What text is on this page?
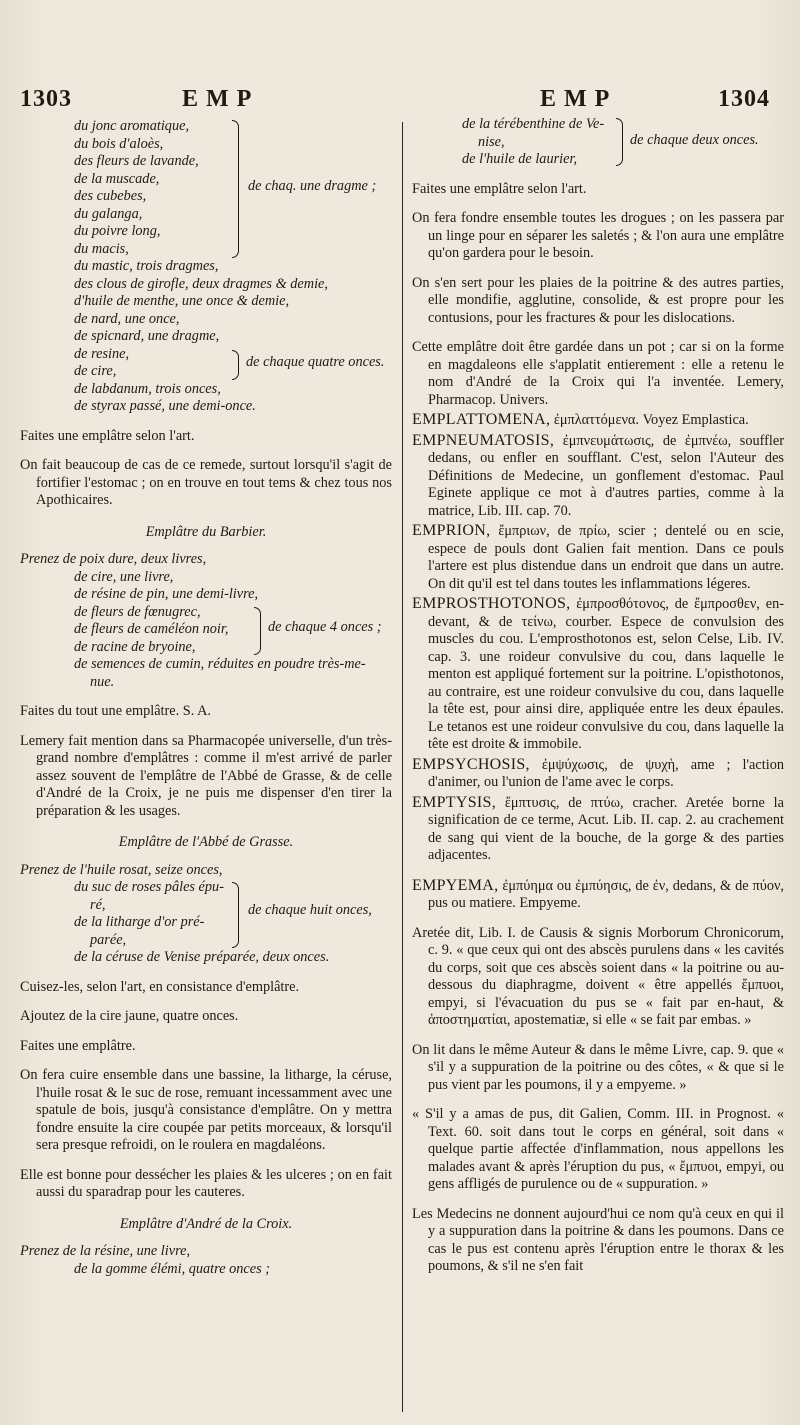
1303	E M P	E M P	1304
du jonc aromatique,
du bois d'aloès,
des fleurs de lavande,
de la muscade,
des cubebes,
du galanga,
du poivre long,
du macis,
de chaq. une dragme ;
du mastic, trois dragmes,
des clous de girofle, deux dragmes & demie,
d'huile de menthe, une once & demie,
de nard, une once,
de spicnard, une dragme,
de resine,
de cire,
de chaque quatre onces.
de labdanum, trois onces,
de styrax passé, une demi-once.

Faites une emplâtre selon l'art.

On fait beaucoup de cas de ce remede, surtout lorsqu'il s'agit de fortifier l'estomac ; on en trouve en tout tems & chez tous nos Apothicaires.

Emplâtre du Barbier.

Prenez de poix dure, deux livres,
de cire, une livre,
de résine de pin, une demi-livre,
de fleurs de fœnugrec,
de fleurs de caméléon noir,
de racine de bryoine,
de chaque 4 onces ;
de semences de cumin, réduites en poudre très-me-
nue.

Faites du tout une emplâtre. S. A.

Lemery fait mention dans sa Pharmacopée universelle, d'un très-grand nombre d'emplâtres : comme il m'est arrivé de parler assez souvent de l'emplâtre de l'Abbé de Grasse, & de celle d'André de la Croix, je ne puis me dispenser d'en tirer la préparation & les usages.

Emplâtre de l'Abbé de Grasse.

Prenez de l'huile rosat, seize onces,
du suc de roses pâles épu-
ré,
de la litharge d'or pré-
parée,
de chaque huit onces,
de la céruse de Venise préparée, deux onces.

Cuisez-les, selon l'art, en consistance d'emplâtre.

Ajoutez de la cire jaune, quatre onces.

Faites une emplâtre.

On fera cuire ensemble dans une bassine, la litharge, la céruse, l'huile rosat & le suc de rose, remuant incessamment avec une spatule de bois, jusqu'à consistance d'emplâtre. On y mettra fondre ensuite la cire coupée par petits morceaux, & lorsqu'il sera presque refroidi, on le roulera en magdaléons.

Elle est bonne pour dessécher les plaies & les ulceres ; on en fait aussi du sparadrap pour les cauteres.

Emplâtre d'André de la Croix.

Prenez de la résine, une livre,
de la gomme élémi, quatre onces ;
de la térébenthine de Ve-
nise,
de l'huile de laurier,
de chaque deux onces.

Faites une emplâtre selon l'art.

On fera fondre ensemble toutes les drogues ; on les passera par un linge pour en séparer les saletés ; & l'on aura une emplâtre qu'on gardera pour le besoin.

On s'en sert pour les plaies de la poitrine & des autres parties, elle mondifie, agglutine, consolide, & est propre pour les contusions, pour les fractures & pour les dislocations.

Cette emplâtre doit être gardée dans un pot ; car si on la forme en magdaleons elle s'applatit entierement : elle a retenu le nom d'André de la Croix qui l'a inventée. Lemery, Pharmacop. Univers.

EMPLATTOMENA, ἐμπλαττόμενα. Voyez Emplastica.

EMPNEUMATOSIS, ἐμπνευμάτωσις, de ἐμπνέω, souffler dedans, ou enfler en soufflant. C'est, selon l'Auteur des Définitions de Medecine, un gonflement d'estomac. Paul Eginete applique ce mot à d'autres parties, comme à la matrice, Lib. III. cap. 70.

EMPRION, ἔμπριων, de πρίω, scier ; dentelé ou en scie, espece de pouls dont Galien fait mention. Dans ce pouls l'artere est plus distendue dans un endroit que dans un autre. On dit qu'il est tel dans toutes les inflammations légeres.

EMPROSTHOTONOS, ἐμπροσθότονος, de ἔμπροσθεν, en-devant, & de τείνω, courber. Espece de convulsion des muscles du cou. L'emprosthotonos est, selon Celse, Lib. IV. cap. 3. une roideur convulsive du cou, dans laquelle le menton est appliqué fortement sur la poitrine. L'opisthotonos, au contraire, est une roideur convulsive du cou, dans laquelle la tête est, pour ainsi dire, appliquée entre les deux épaules. Le tetanos est une roideur convulsive du cou, dans laquelle la tête est droite & immobile.

EMPSYCHOSIS, ἐμψύχωσις, de ψυχὴ, ame ; l'action d'animer, ou l'union de l'ame avec le corps.

EMPTYSIS, ἔμπτυσις, de πτύω, cracher. Aretée borne la signification de ce terme, Acut. Lib. II. cap. 2. au crachement de sang qui vient de la bouche, de la gorge & des parties adjacentes.

EMPYEMA, ἐμπύημα ou ἐμπύησις, de ἐν, dedans, & de πύον, pus ou matiere. Empyeme.

Aretée dit, Lib. I. de Causis & signis Morborum Chronicorum, c. 9. « que ceux qui ont des abscès purulens dans « les cavités du corps, soit que ces abscès soient dans « la poitrine ou au-dessous du diaphragme, doivent « être appellés ἔμπυοι, empyi, si l'évacuation du pus se « fait par en-haut, & ἀποστηματίαι, apostematiæ, si elle « se fait par embas. »

On lit dans le même Auteur & dans le même Livre, cap. 9. que « s'il y a suppuration de la poitrine ou des côtes, « & que si le pus vient par les poumons, il y a empyeme. »

« S'il y a amas de pus, dit Galien, Comm. III. in Prognost. « Text. 60. soit dans tout le corps en général, soit dans « quelque partie affectée d'inflammation, nous appellons les malades avant & après l'éruption du pus, « ἔμπυοι, empyi, ou gens affligés de purulence ou de « suppuration. »

Les Medecins ne donnent aujourd'hui ce nom qu'à ceux en qui il y a suppuration dans la poitrine & dans les poumons. Dans ce cas le pus est contenu après l'éruption entre le thorax & les poumons, & s'il ne s'en fait
